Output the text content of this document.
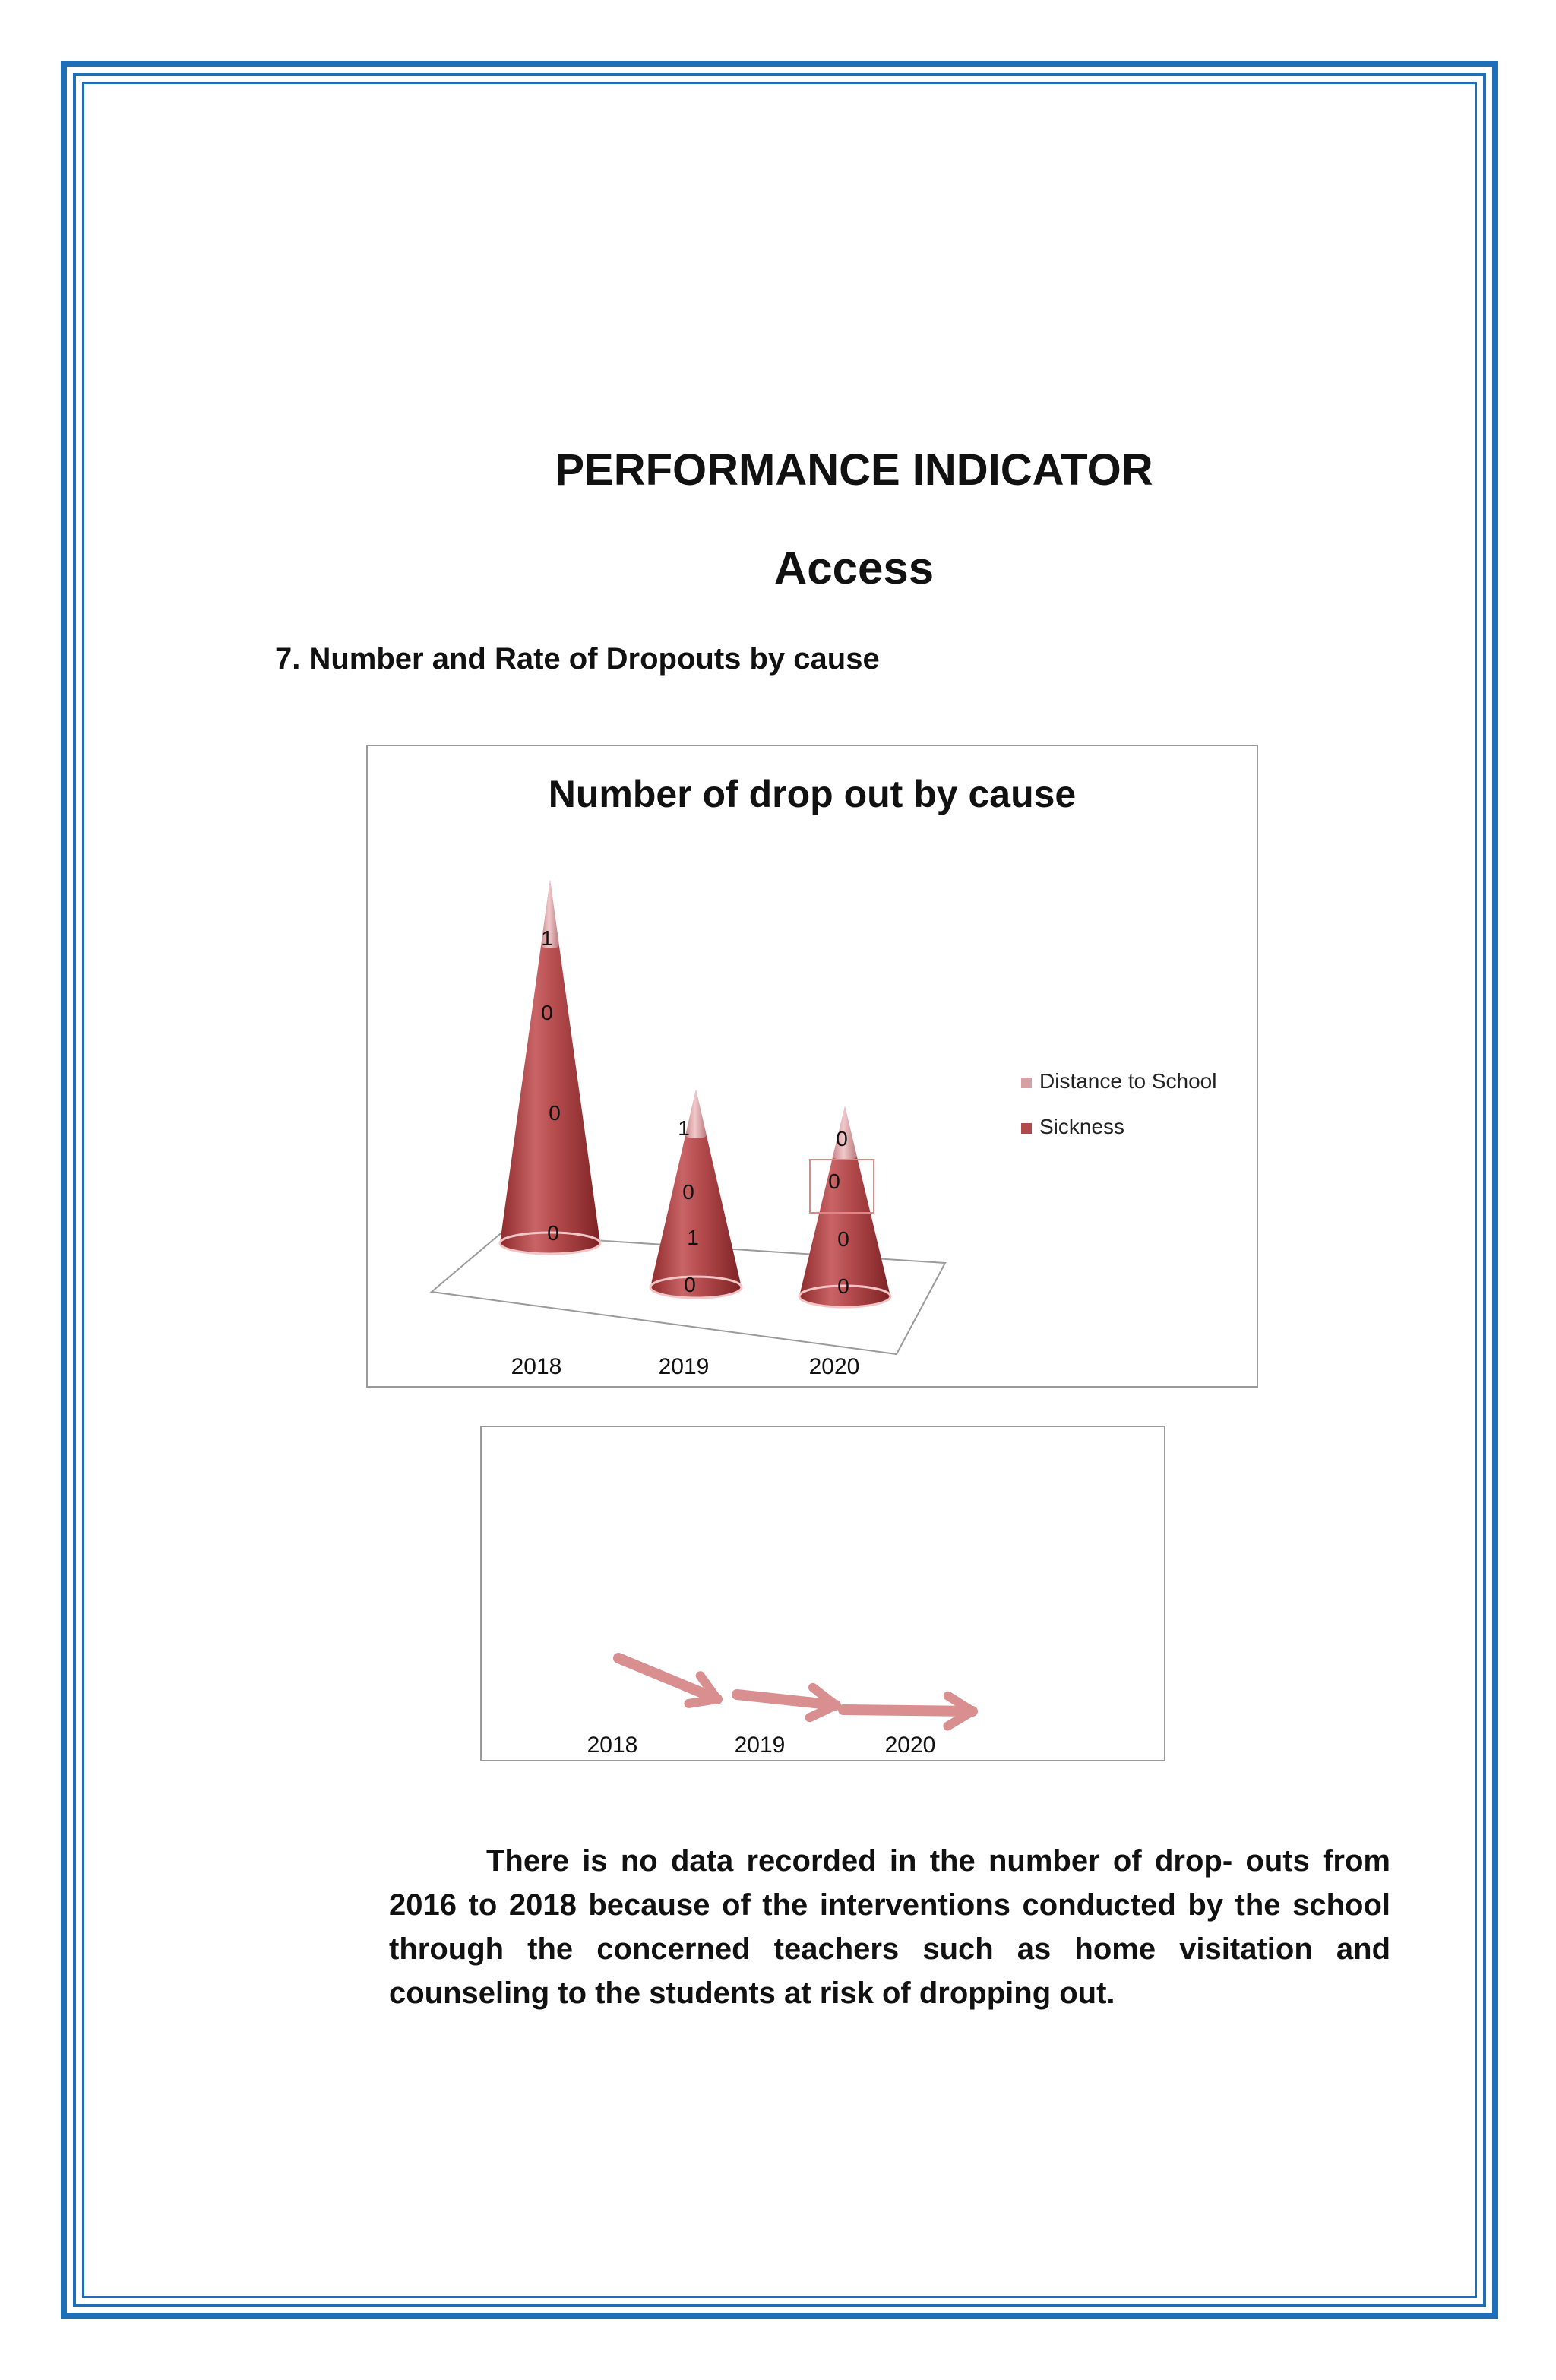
PERFORMANCE INDICATOR
Access
7. Number and Rate of Dropouts by cause
Number of drop out by cause
1
0
0
0
1
0
1
0
0
0
0
0
2018	2019	2020
Distance to School
Sickness
2018	2019	2020
There is no data recorded in the number of drop- outs from 2016 to 2018 because of the interventions conducted by the school through the concerned teachers such as home visitation and counseling to the students at risk of dropping out.
